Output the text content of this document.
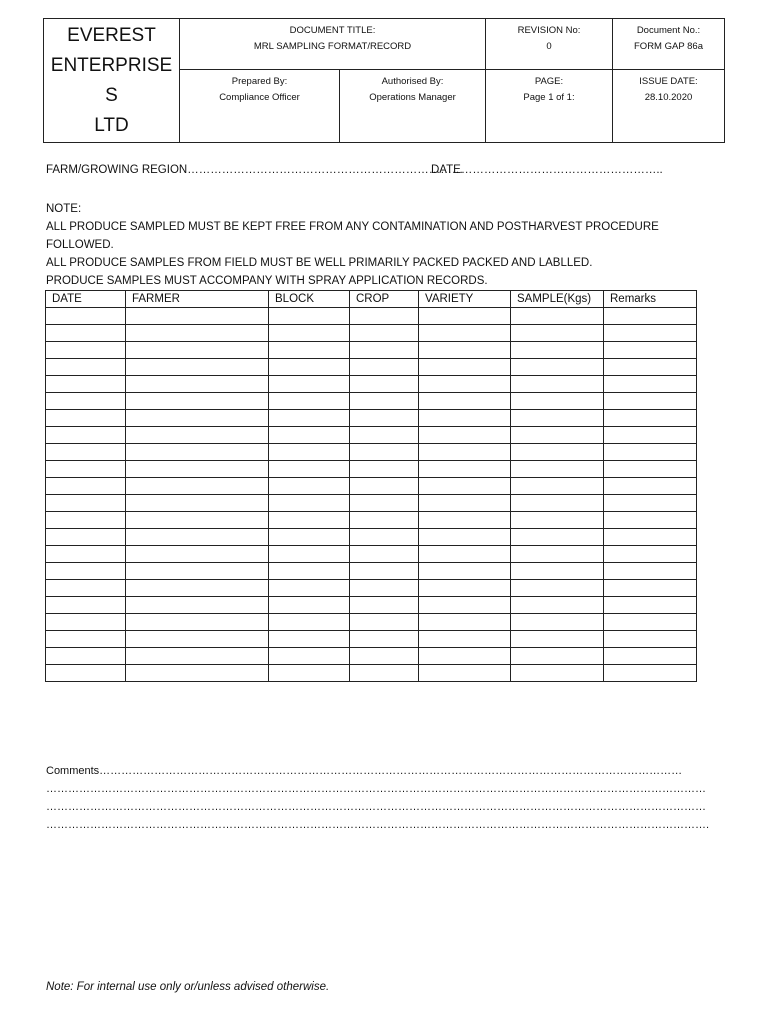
EVEREST
ENTERPRISE
S
LTD
DOCUMENT TITLE:
MRL SAMPLING FORMAT/RECORD
REVISION No:
0
Document No.:
FORM GAP 86a
Prepared By:
Compliance Officer
Authorised By:
Operations Manager
PAGE:
Page 1 of 1:
ISSUE DATE:
28.10.2020
FARM/GROWING REGION………………………………………………………………
DATE……………………………………………..
NOTE:
ALL PRODUCE SAMPLED MUST BE KEPT FREE FROM ANY CONTAMINATION AND POSTHARVEST PROCEDURE
FOLLOWED.
ALL PRODUCE SAMPLES FROM FIELD MUST BE WELL PRIMARILY PACKED PACKED AND LABLLED.
PRODUCE SAMPLES MUST ACCOMPANY WITH SPRAY APPLICATION RECORDS.
DATE	FARMER	BLOCK	CROP	VARIETY	SAMPLE(Kgs)	Remarks

Comments……………………………………………………………………………………………………………………………………………
………………………………………………………………………………………………………………………………………………………………
………………………………………………………………………………………………………………………………………………………………
……………………………………………………………………………………………………………………………………………………………….
Note: For internal use only or/unless advised otherwise.
